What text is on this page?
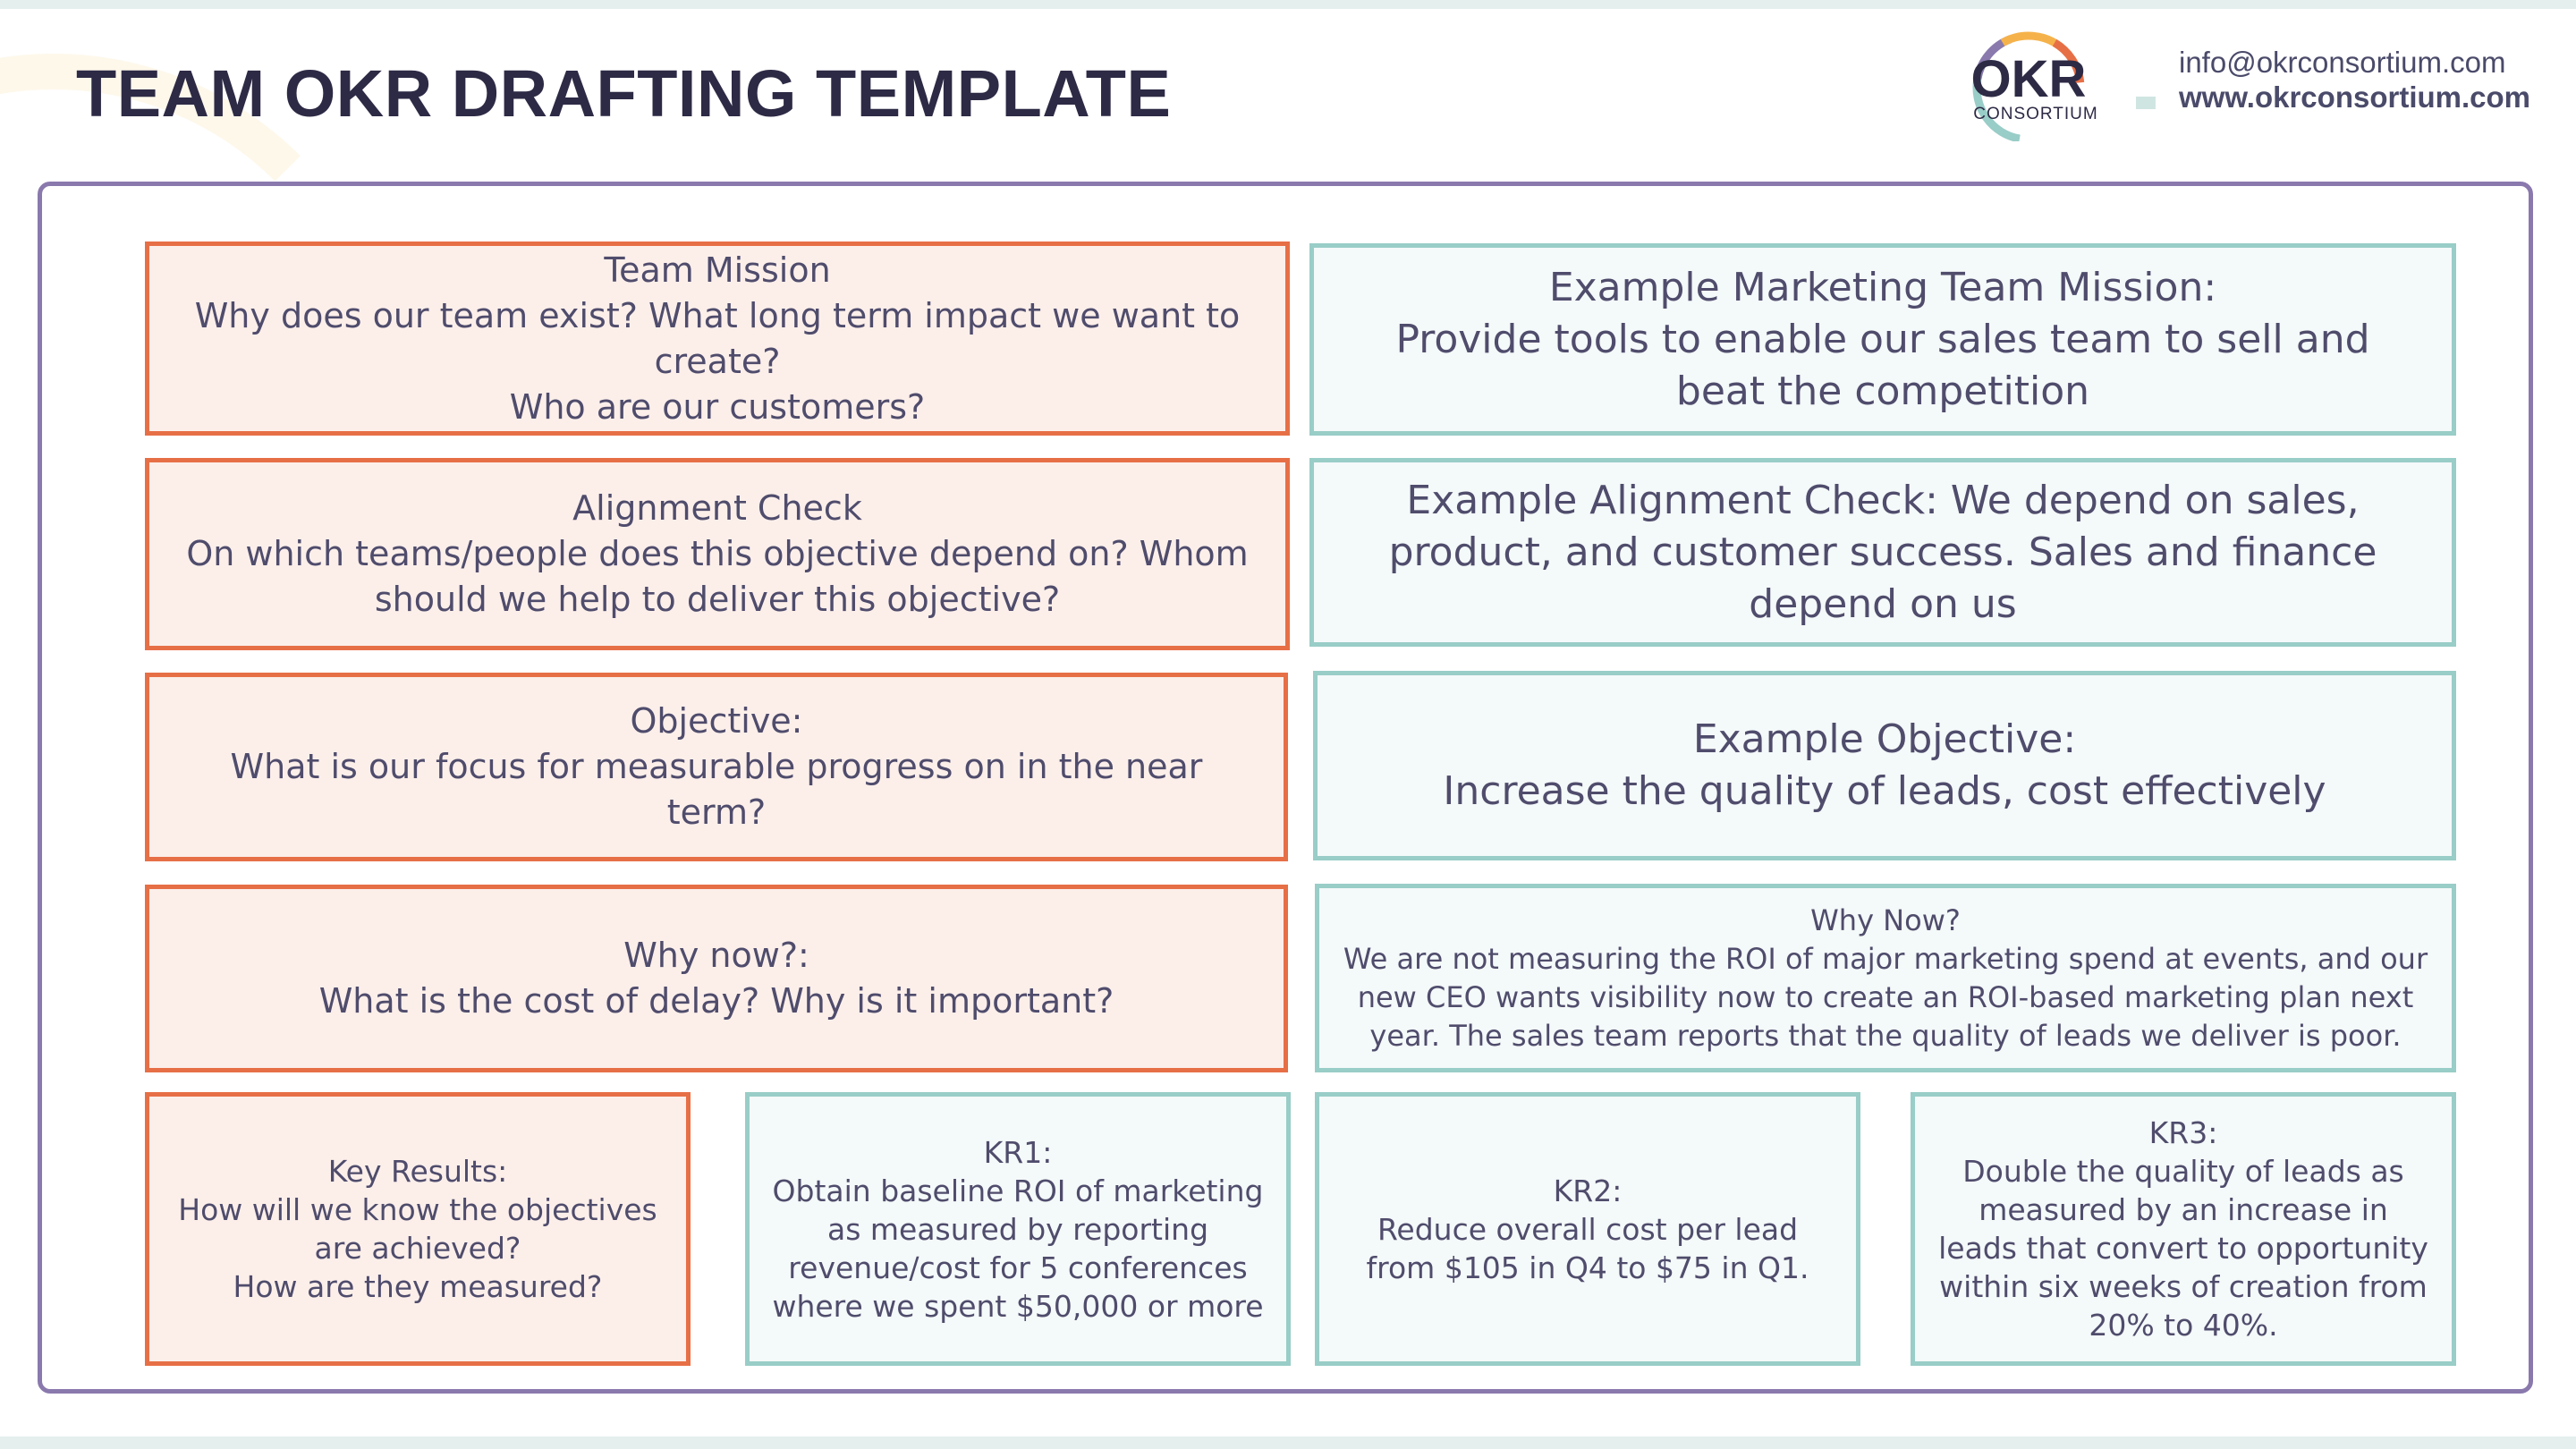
TEAM OKR DRAFTING TEMPLATE	OKR
CONSORTIUM
info@okrconsortium.com
www.okrconsortium.com
Team Mission
Why does our team exist? What long term impact we want to create?
Who are our customers?
Example Marketing Team Mission:
Provide tools to enable our sales team to sell and beat the competition
Alignment Check
On which teams/people does this objective depend on? Whom should we help to deliver this objective?
Example Alignment Check: We depend on sales, product, and customer success. Sales and finance depend on us
Objective:
What is our focus for measurable progress on in the near term?
Example Objective:
Increase the quality of leads, cost effectively
Why now?:
What is the cost of delay? Why is it important?
Why Now?
We are not measuring the ROI of major marketing spend at events, and our new CEO wants visibility now to create an ROI-based marketing plan next year. The sales team reports that the quality of leads we deliver is poor.
Key Results:
How will we know the objectives are achieved?
How are they measured?
KR1:
Obtain baseline ROI of marketing as measured by reporting revenue/cost for 5 conferences where we spent $50,000 or more
KR2:
Reduce overall cost per lead from $105 in Q4 to $75 in Q1.
KR3:
Double the quality of leads as measured by an increase in leads that convert to opportunity within six weeks of creation from 20% to 40%.
